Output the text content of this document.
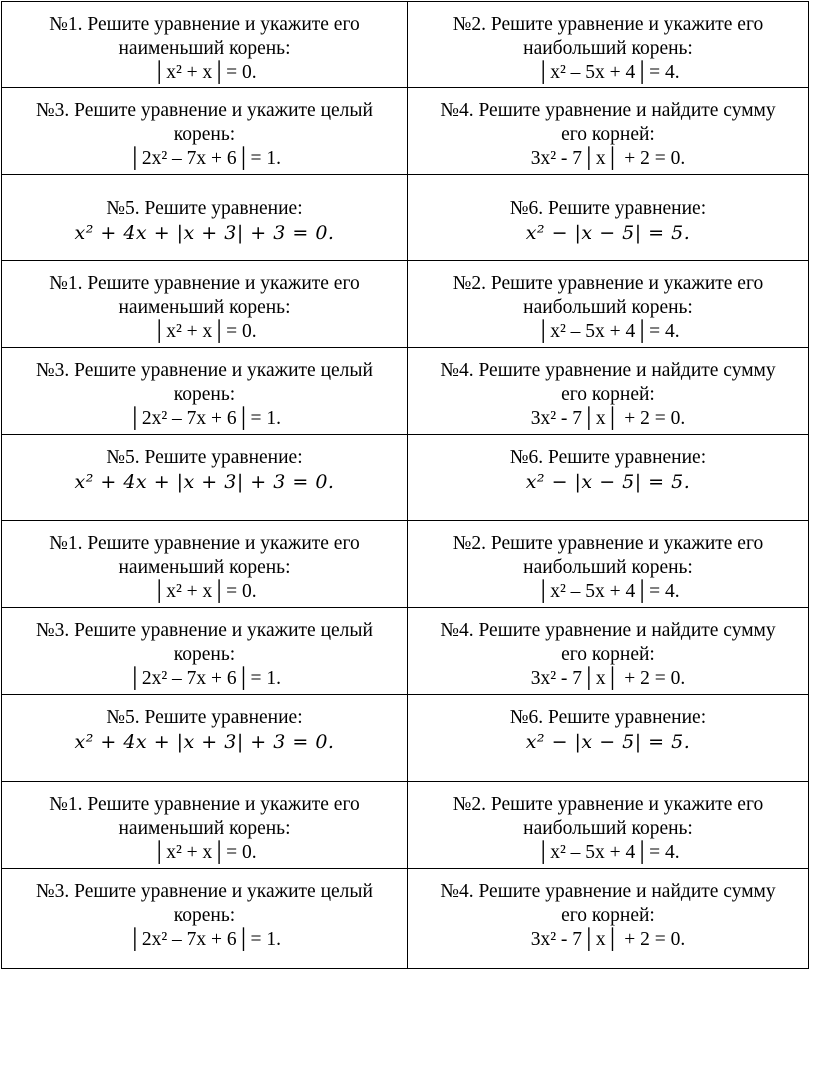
№1. Решите уравнение и укажите его
наименьший корень:
│x² + x│= 0.	№2. Решите уравнение и укажите его
наибольший корень:
│x² – 5x + 4│= 4.

№3. Решите уравнение и укажите целый
корень:
│2x² – 7x + 6│= 1.	№4. Решите уравнение и найдите сумму
его корней:
3x² - 7│x│ + 2 = 0.

№5. Решите уравнение:
x² + 4x + |x + 3| + 3 = 0.	№6. Решите уравнение:
x² − |x − 5| = 5.

№1. Решите уравнение и укажите его
наименьший корень:
│x² + x│= 0.	№2. Решите уравнение и укажите его
наибольший корень:
│x² – 5x + 4│= 4.

№3. Решите уравнение и укажите целый
корень:
│2x² – 7x + 6│= 1.	№4. Решите уравнение и найдите сумму
его корней:
3x² - 7│x│ + 2 = 0.

№5. Решите уравнение:
x² + 4x + |x + 3| + 3 = 0.	№6. Решите уравнение:
x² − |x − 5| = 5.

№1. Решите уравнение и укажите его
наименьший корень:
│x² + x│= 0.	№2. Решите уравнение и укажите его
наибольший корень:
│x² – 5x + 4│= 4.

№3. Решите уравнение и укажите целый
корень:
│2x² – 7x + 6│= 1.	№4. Решите уравнение и найдите сумму
его корней:
3x² - 7│x│ + 2 = 0.

№5. Решите уравнение:
x² + 4x + |x + 3| + 3 = 0.	№6. Решите уравнение:
x² − |x − 5| = 5.

№1. Решите уравнение и укажите его
наименьший корень:
│x² + x│= 0.	№2. Решите уравнение и укажите его
наибольший корень:
│x² – 5x + 4│= 4.

№3. Решите уравнение и укажите целый
корень:
│2x² – 7x + 6│= 1.	№4. Решите уравнение и найдите сумму
его корней:
3x² - 7│x│ + 2 = 0.
